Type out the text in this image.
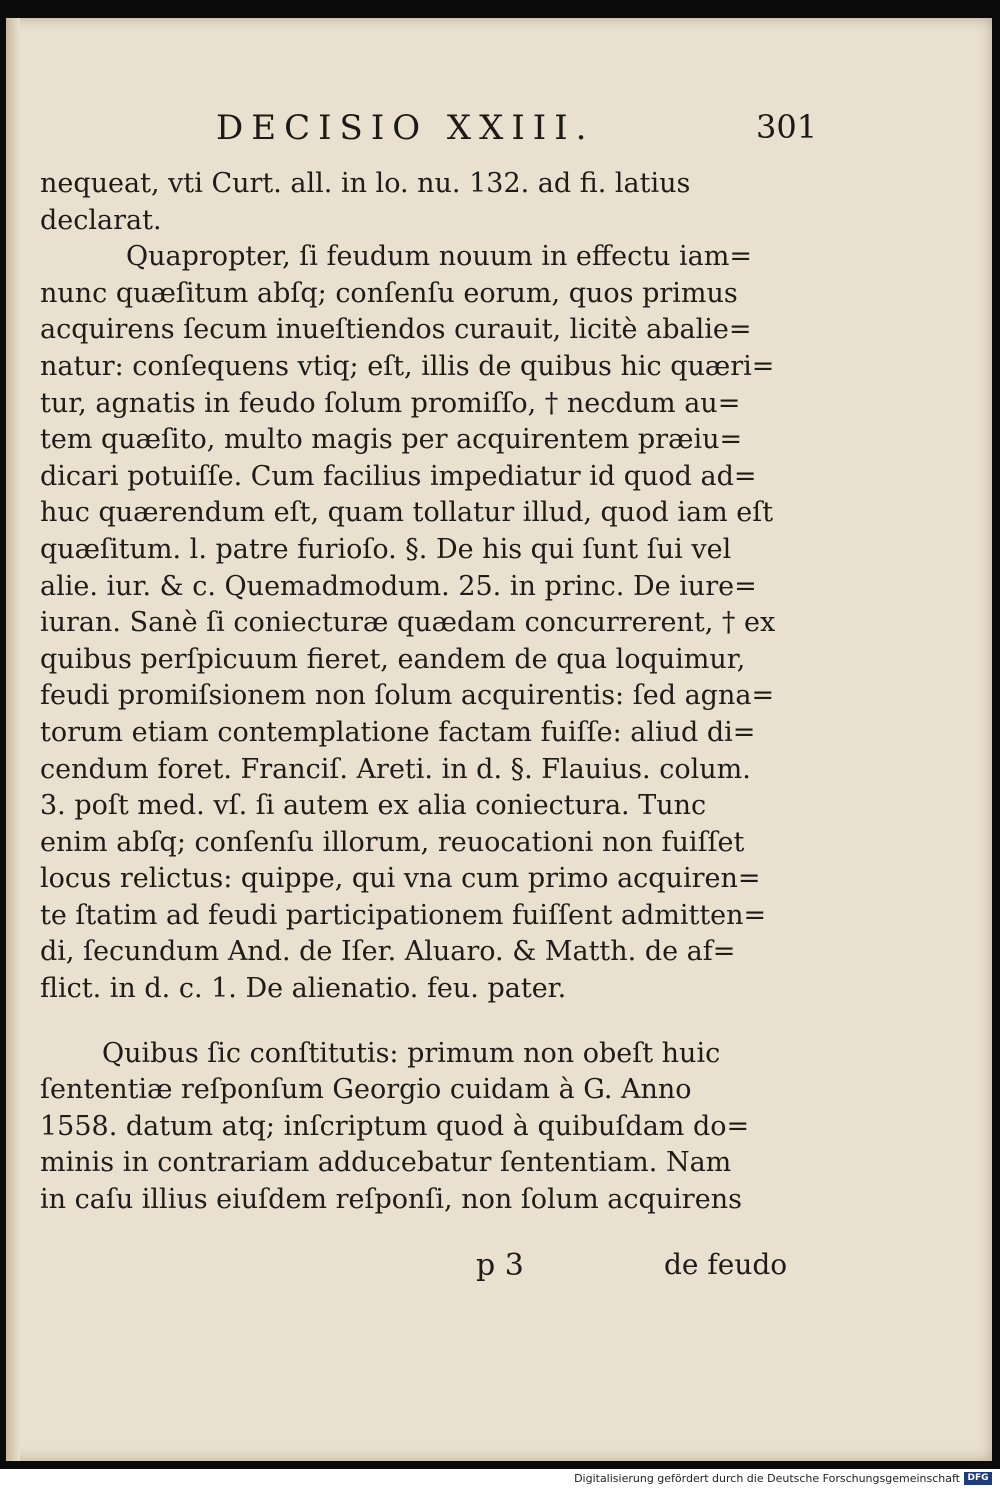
DECISIO XXIII.	301
nequeat, vti Curt. all. in lo. nu. 132. ad fi. latius
declarat.
Quapropter, ſi feudum nouum in effectu iam=
nunc quæſitum abſq; conſenſu eorum, quos primus
acquirens ſecum inueſtiendos curauit, licitè abalie=
natur: conſequens vtiq; eſt, illis de quibus hic quæri=
tur, agnatis in feudo ſolum promiſſo, † necdum au=
tem quæſito, multo magis per acquirentem præiu=
dicari potuiſſe. Cum facilius impediatur id quod ad=
huc quærendum eſt, quam tollatur illud, quod iam eſt
quæſitum. l. patre furioſo. §. De his qui ſunt ſui vel
alie. iur. & c. Quemadmodum. 25. in princ. De iure=
iuran. Sanè ſi coniecturæ quædam concurrerent, † ex
quibus perſpicuum fieret, eandem de qua loquimur,
feudi promiſsionem non ſolum acquirentis: ſed agna=
torum etiam contemplatione factam fuiſſe: aliud di=
cendum foret. Franciſ. Areti. in d. §. Flauius. colum.
3. poſt med. vſ. ſi autem ex alia coniectura. Tunc
enim abſq; conſenſu illorum, reuocationi non fuiſſet
locus relictus: quippe, qui vna cum primo acquiren=
te ſtatim ad feudi participationem fuiſſent admitten=
di, ſecundum And. de Iſer. Aluaro. & Matth. de af=
flict. in d. c. 1. De alienatio. feu. pater.
Quibus ſic conſtitutis: primum non obeſt huic
ſententiæ reſponſum Georgio cuidam à G. Anno
1558. datum atq; inſcriptum quod à quibuſdam do=
minis in contrariam adducebatur ſententiam. Nam
in caſu illius eiuſdem reſponſi, non ſolum acquirens
p 3	de feudo
Digitalisierung gefördert durch die Deutsche Forschungsgemeinschaft DFG
